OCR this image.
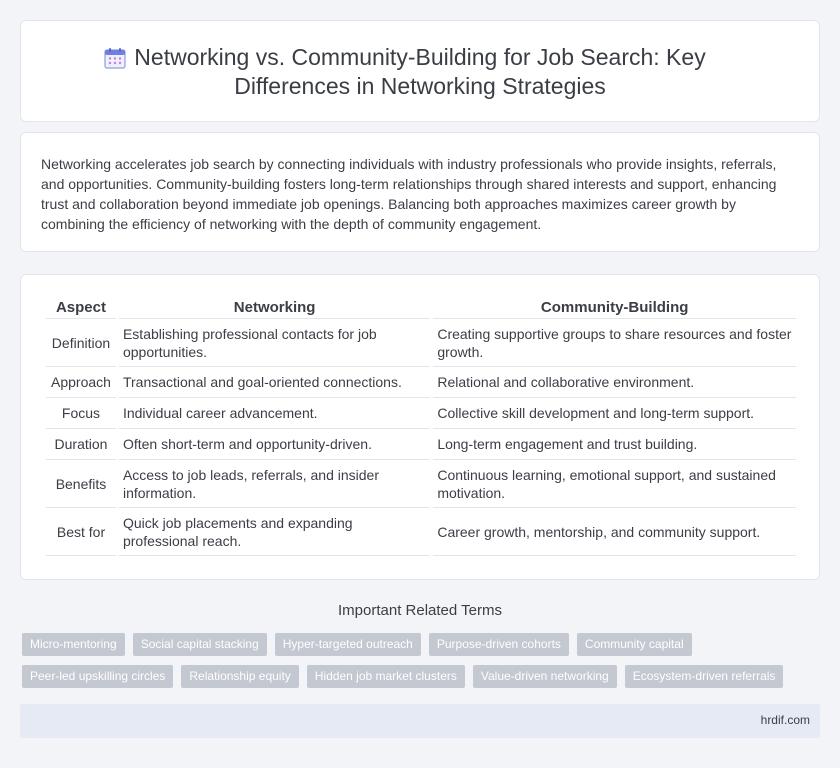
Networking vs. Community-Building for Job Search: Key
Differences in Networking Strategies

Networking accelerates job search by connecting individuals with industry professionals who provide insights, referrals, and opportunities. Community-building fosters long-term relationships through shared interests and support, enhancing trust and collaboration beyond immediate job openings. Balancing both approaches maximizes career growth by combining the efficiency of networking with the depth of community engagement.

Aspect	Networking	Community-Building
Definition	Establishing professional contacts for job opportunities.	Creating supportive groups to share resources and foster growth.
Approach	Transactional and goal-oriented connections.	Relational and collaborative environment.
Focus	Individual career advancement.	Collective skill development and long-term support.
Duration	Often short-term and opportunity-driven.	Long-term engagement and trust building.
Benefits	Access to job leads, referrals, and insider information.	Continuous learning, emotional support, and sustained motivation.
Best for	Quick job placements and expanding professional reach.	Career growth, mentorship, and community support.
Important Related Terms
Micro-mentoring	Social capital stacking	Hyper-targeted outreach	Purpose-driven cohorts	Community capital
Peer-led upskilling circles	Relationship equity	Hidden job market clusters	Value-driven networking	Ecosystem-driven referrals
hrdif.com
